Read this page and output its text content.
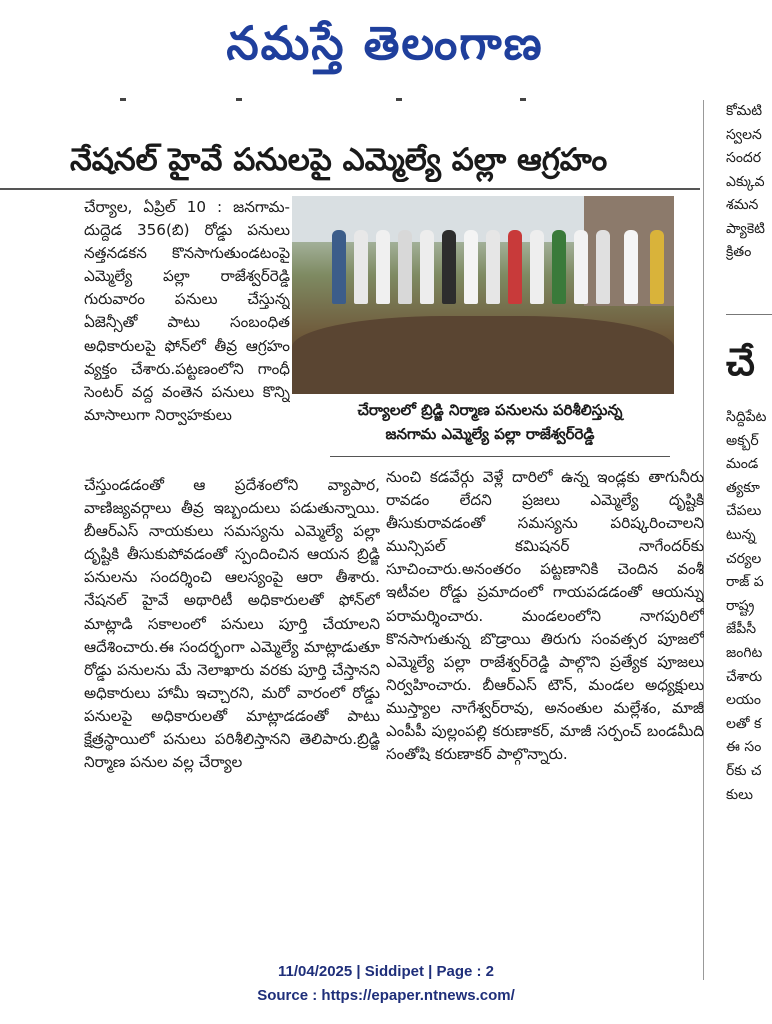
నమస్తే తెలంగాణ
నేషనల్ హైవే పనులపై ఎమ్మెల్యే పల్లా ఆగ్రహం

చేర్యాల, ఏప్రిల్ 10 : జనగామ-దుద్దెడ 356(బి) రోడ్డు పనులు నత్తనడకన కొనసాగుతుండటంపై ఎమ్మెల్యే పల్లా రాజేశ్వర్‌రెడ్డి గురువారం పనులు చేస్తున్న ఏజెన్సీతో పాటు సంబంధిత అధికారులపై ఫోన్‌లో తీవ్ర ఆగ్రహం వ్యక్తం చేశారు.పట్టణంలోని గాంధీ సెంటర్ వద్ద వంతెన పనులు కొన్ని మాసాలుగా నిర్వాహకులు

చేస్తుండడంతో ఆ ప్రదేశంలోని వ్యాపార, వాణిజ్యవర్గాలు తీవ్ర ఇబ్బందులు పడుతున్నాయి. బీఆర్‌ఎస్ నాయకులు సమస్యను ఎమ్మెల్యే పల్లా దృష్టికి తీసుకుపోవడంతో స్పందించిన ఆయన బ్రిడ్జి పనులను సందర్శించి ఆలస్యంపై ఆరా తీశారు. నేషనల్ హైవే అథారిటీ అధికారులతో ఫోన్‌లో మాట్లాడి సకాలంలో పనులు పూర్తి చేయాలని ఆదేశించారు.ఈ సందర్భంగా ఎమ్మెల్యే మాట్లాడుతూ రోడ్డు పనులను మే నెలాఖారు వరకు పూర్తి చేస్తానని అధికారులు హామీ ఇచ్చారని, మరో వారంలో రోడ్డు పనులపై అధికారులతో మాట్లాడడంతో పాటు క్షేత్రస్థాయిలో పనులు పరిశీలిస్తానని తెలిపారు.బ్రిడ్జి నిర్మాణ పనుల వల్ల చేర్యాల

చేర్యాలలో బ్రిడ్జి నిర్మాణ పనులను పరిశీలిస్తున్న
జనగామ ఎమ్మెల్యే పల్లా రాజేశ్వర్‌రెడ్డి

నుంచి కడవేర్గు వెళ్లే దారిలో ఉన్న ఇండ్లకు తాగునీరు రావడం లేదని ప్రజలు ఎమ్మెల్యే దృష్టికి తీసుకురావడంతో సమస్యను పరిష్కరించాలని మున్సిపల్ కమిషనర్ నాగేందర్‌కు సూచించారు.అనంతరం పట్టణానికి చెందిన వంశీ ఇటీవల రోడ్డు ప్రమాదంలో గాయపడడంతో ఆయన్ను పరామర్శించారు. మండలంలోని నాగపురిలో కొనసాగుతున్న బొడ్రాయి తిరుగు సంవత్సర పూజలో ఎమ్మెల్యే పల్లా రాజేశ్వర్‌రెడ్డి పాల్గొని ప్రత్యేక పూజలు నిర్వహించారు. బీఆర్‌ఎస్ టౌన్, మండల అధ్యక్షులు ముస్త్యాల నాగేశ్వర్‌రావు, అనంతుల మల్లేశం, మాజీ ఎంపీపీ పుల్లంపల్లి కరుణాకర్, మాజీ సర్పంచ్ బండమీది సంతోషి కరుణాకర్ పాల్గొన్నారు.

కోమటి
స్వలన
సందర
ఎక్కువ
శమన
ప్యాకెటి
క్రితం
చే
సిద్దిపేట
అక్బర్
మండ
త్యకూ
చేపలు
టున్న
చర్యల
రాజ్ ప
రాష్ట్ర
జేపీసీ
జంగిట
చేశారు
లయం
లతో క
ఈ సం
ర్‌కు చ
కులు
11/04/2025 | Siddipet | Page : 2
Source : https://epaper.ntnews.com/
